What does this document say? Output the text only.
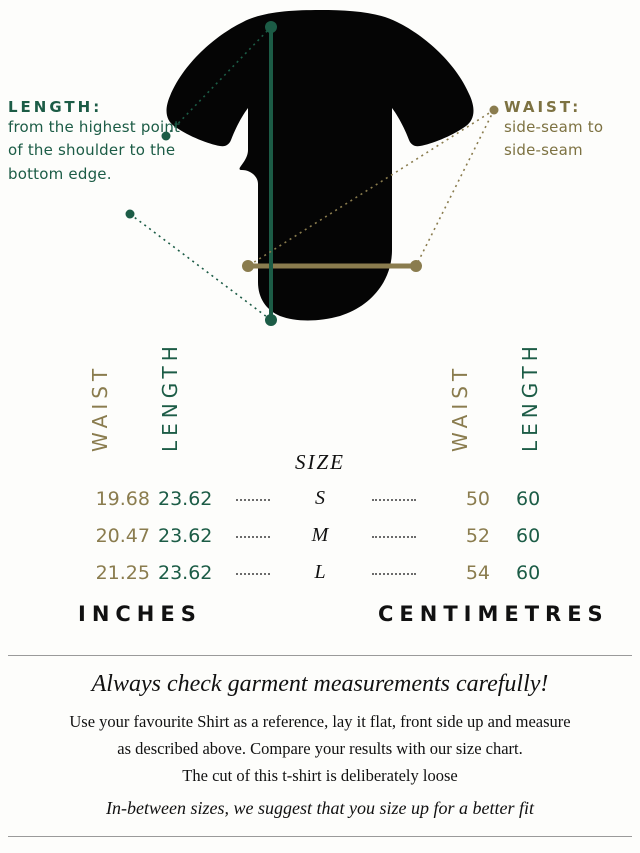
LENGTH:
from the highest point of the shoulder to the bottom edge.
WAIST:
side-seam to side-seam
WAIST LENGTH	WAIST LENGTH
SIZE
19.68 23.62	S	50 60
20.47 23.62	M	52 60
21.25 23.62	L	54 60
INCHES	CENTIMETRES
Always check garment measurements carefully!
Use your favourite Shirt as a reference, lay it flat, front side up and measure
as described above. Compare your results with our size chart.
The cut of this t-shirt is deliberately loose
In-between sizes, we suggest that you size up for a better fit
